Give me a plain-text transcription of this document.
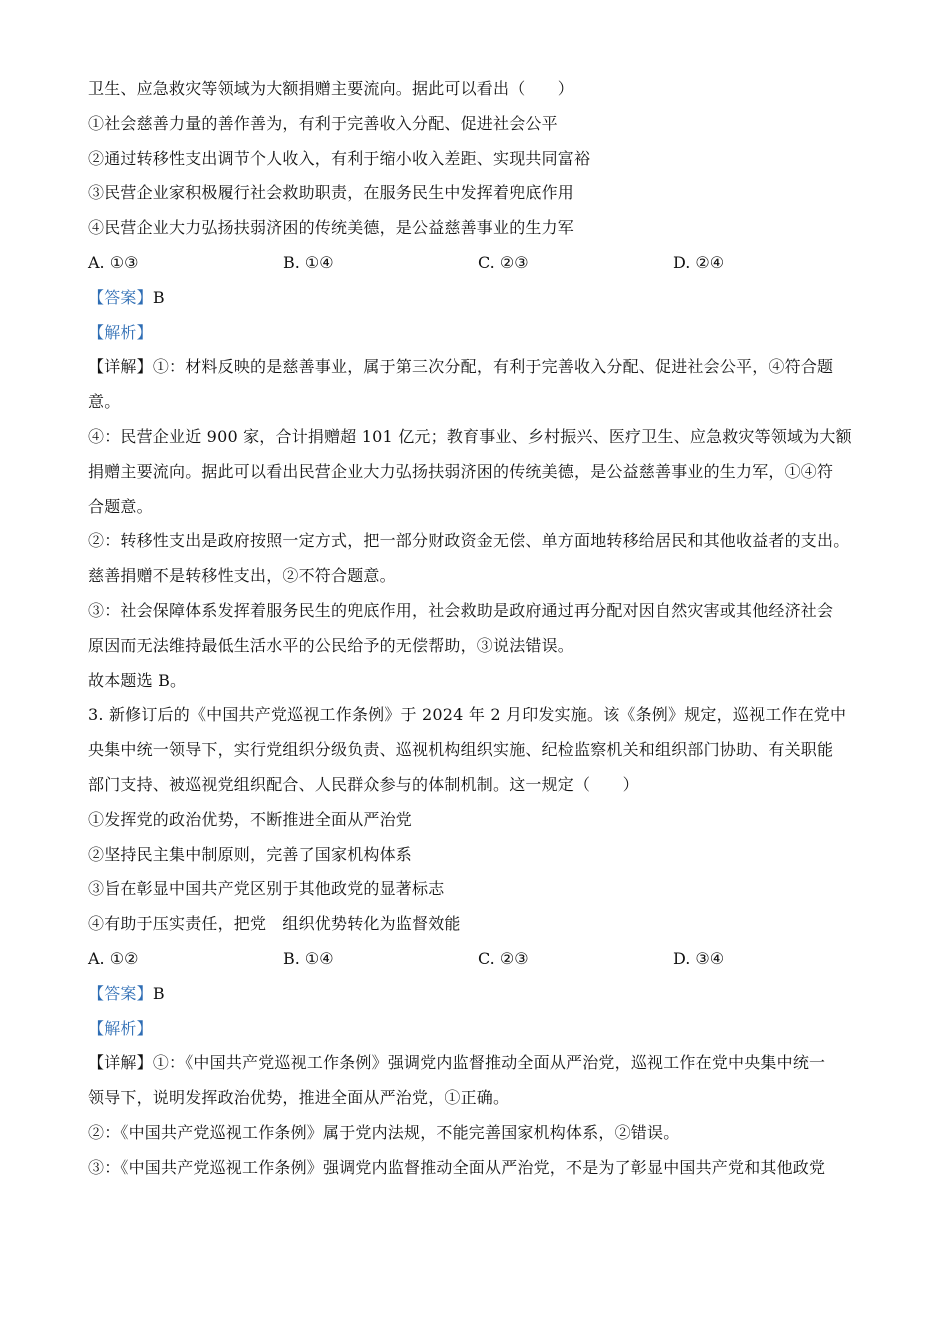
卫生、应急救灾等领域为大额捐赠主要流向。据此可以看出（　　）
①社会慈善力量的善作善为，有利于完善收入分配、促进社会公平
②通过转移性支出调节个人收入，有利于缩小收入差距、实现共同富裕
③民营企业家积极履行社会救助职责，在服务民生中发挥着兜底作用
④民营企业大力弘扬扶弱济困的传统美德，是公益慈善事业的生力军
A. ①③	B. ①④	C. ②③	D. ②④
【答案】B
【解析】
【详解】①：材料反映的是慈善事业，属于第三次分配，有利于完善收入分配、促进社会公平，④符合题
意。
④：民营企业近 900 家，合计捐赠超 101 亿元；教育事业、乡村振兴、医疗卫生、应急救灾等领域为大额
捐赠主要流向。据此可以看出民营企业大力弘扬扶弱济困的传统美德，是公益慈善事业的生力军，①④符
合题意。
②：转移性支出是政府按照一定方式，把一部分财政资金无偿、单方面地转移给居民和其他收益者的支出。
慈善捐赠不是转移性支出，②不符合题意。
③：社会保障体系发挥着服务民生的兜底作用，社会救助是政府通过再分配对因自然灾害或其他经济社会
原因而无法维持最低生活水平的公民给予的无偿帮助，③说法错误。
故本题选 B。
3. 新修订后的《中国共产党巡视工作条例》于 2024 年 2 月印发实施。该《条例》规定，巡视工作在党中
央集中统一领导下，实行党组织分级负责、巡视机构组织实施、纪检监察机关和组织部门协助、有关职能
部门支持、被巡视党组织配合、人民群众参与的体制机制。这一规定（　　）
①发挥党的政治优势，不断推进全面从严治党
②坚持民主集中制原则，完善了国家机构体系
③旨在彰显中国共产党区别于其他政党的显著标志
④有助于压实责任，把党　组织优势转化为监督效能
A. ①②	B. ①④	C. ②③	D. ③④
【答案】B
【解析】
【详解】①：《中国共产党巡视工作条例》强调党内监督推动全面从严治党，巡视工作在党中央集中统一
领导下，说明发挥政治优势，推进全面从严治党，①正确。
②：《中国共产党巡视工作条例》属于党内法规，不能完善国家机构体系，②错误。
③：《中国共产党巡视工作条例》强调党内监督推动全面从严治党，不是为了彰显中国共产党和其他政党
